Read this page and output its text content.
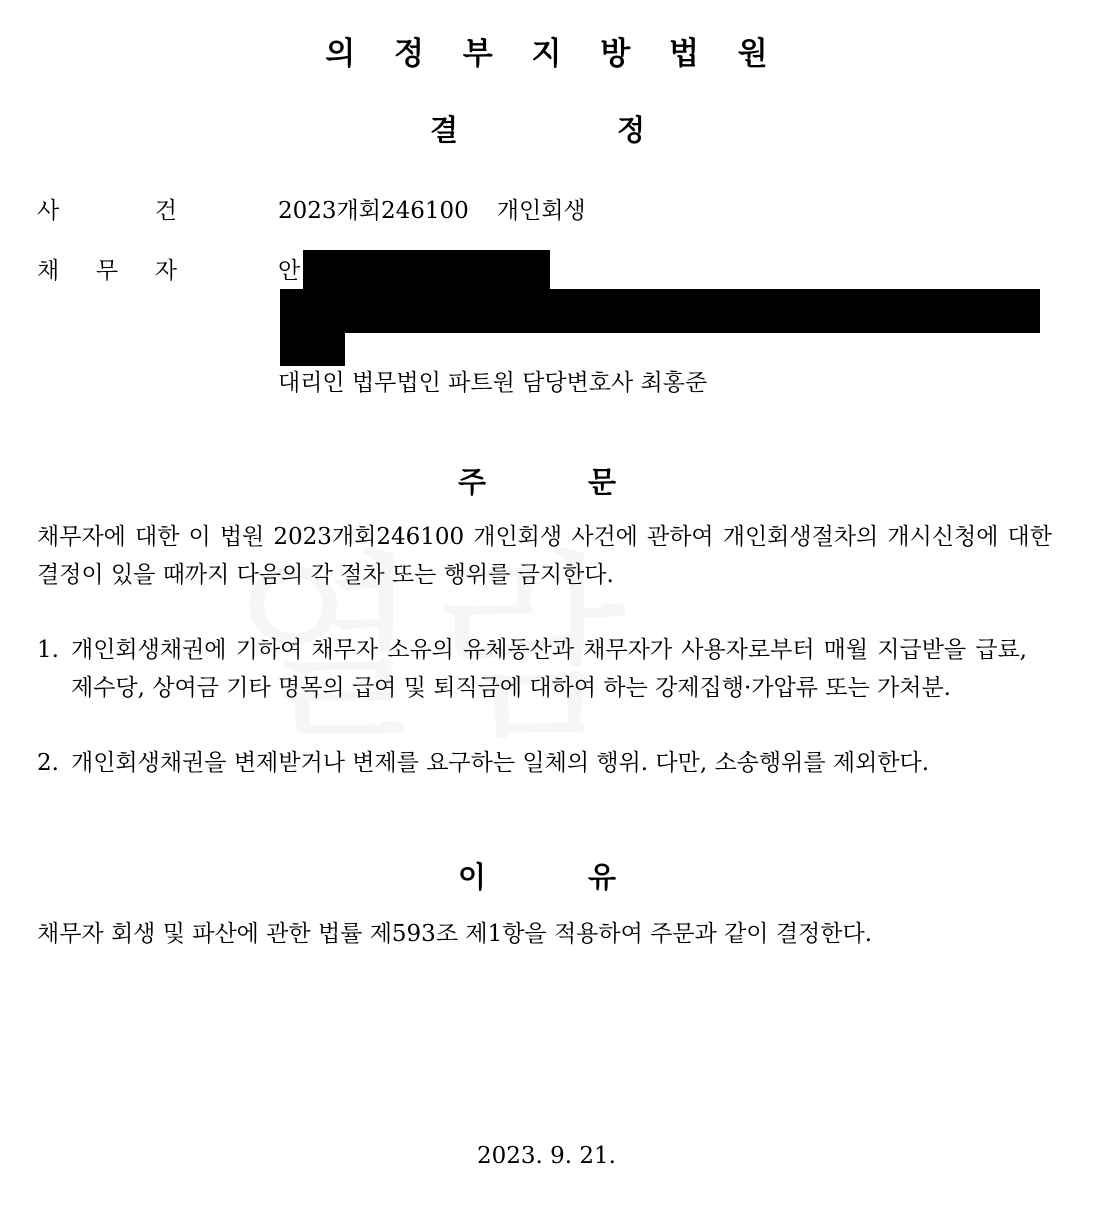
의 정 부 지 방 법 원
결	정
사	건	2023개회246100 개인회생
채 무 자	안
대리인 법무법인 파트원 담당변호사 최홍준
주	문
채무자에 대한 이 법원 2023개회246100 개인회생 사건에 관하여 개인회생절차의 개시신청에 대한 결정이 있을 때까지 다음의 각 절차 또는 행위를 금지한다.
1. 개인회생채권에 기하여 채무자 소유의 유체동산과 채무자가 사용자로부터 매월 지급받을 급료, 제수당, 상여금 기타 명목의 급여 및 퇴직금에 대하여 하는 강제집행·가압류 또는 가처분.
2. 개인회생채권을 변제받거나 변제를 요구하는 일체의 행위. 다만, 소송행위를 제외한다.
이	유
채무자 회생 및 파산에 관한 법률 제593조 제1항을 적용하여 주문과 같이 결정한다.
2023. 9. 21.
